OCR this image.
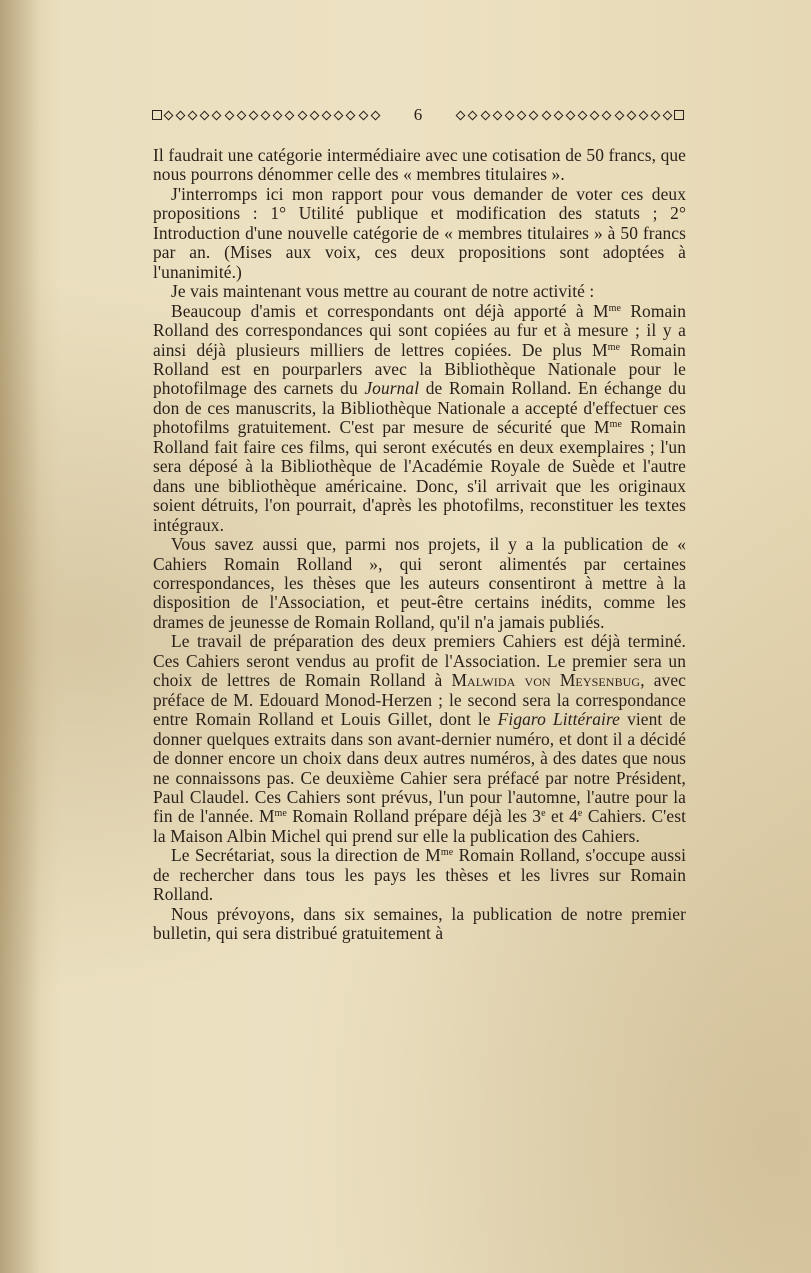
6

Il faudrait une catégorie intermédiaire avec une cotisation de 50 francs, que nous pourrons dénommer celle des « membres titulaires ».

J'interromps ici mon rapport pour vous demander de voter ces deux propositions : 1° Utilité publique et modification des statuts ; 2° Introduction d'une nouvelle catégorie de « membres titulaires » à 50 francs par an. (Mises aux voix, ces deux propositions sont adoptées à l'unanimité.)

Je vais maintenant vous mettre au courant de notre activité :

Beaucoup d'amis et correspondants ont déjà apporté à $M^{me}$ Romain Rolland des correspondances qui sont copiées au fur et à mesure ; il y a ainsi déjà plusieurs milliers de lettres copiées. De plus $M^{me}$ Romain Rolland est en pourparlers avec la Bibliothèque Nationale pour le photofilmage des carnets du Journal de Romain Rolland. En échange du don de ces manuscrits, la Bibliothèque Nationale a accepté d'effectuer ces photofilms gratuitement. C'est par mesure de sécurité que $M^{me}$ Romain Rolland fait faire ces films, qui seront exécutés en deux exemplaires ; l'un sera déposé à la Bibliothèque de l'Académie Royale de Suède et l'autre dans une bibliothèque américaine. Donc, s'il arrivait que les originaux soient détruits, l'on pourrait, d'après les photofilms, reconstituer les textes intégraux.

Vous savez aussi que, parmi nos projets, il y a la publication de « Cahiers Romain Rolland », qui seront alimentés par certaines correspondances, les thèses que les auteurs consentiront à mettre à la disposition de l'Association, et peut-être certains inédits, comme les drames de jeunesse de Romain Rolland, qu'il n'a jamais publiés.

Le travail de préparation des deux premiers Cahiers est déjà terminé. Ces Cahiers seront vendus au profit de l'Association. Le premier sera un choix de lettres de Romain Rolland à Malwida von Meysenbug, avec préface de M. Edouard Monod-Herzen ; le second sera la correspondance entre Romain Rolland et Louis Gillet, dont le Figaro Littéraire vient de donner quelques extraits dans son avant-dernier numéro, et dont il a décidé de donner encore un choix dans deux autres numéros, à des dates que nous ne connaissons pas. Ce deuxième Cahier sera préfacé par notre Président, Paul Claudel. Ces Cahiers sont prévus, l'un pour l'automne, l'autre pour la fin de l'année. $M^{me}$ Romain Rolland prépare déjà les 3e et 4e Cahiers. C'est la Maison Albin Michel qui prend sur elle la publication des Cahiers.

Le Secrétariat, sous la direction de $M^{me}$ Romain Rolland, s'occupe aussi de rechercher dans tous les pays les thèses et les livres sur Romain Rolland.

Nous prévoyons, dans six semaines, la publication de notre premier bulletin, qui sera distribué gratuitement à
